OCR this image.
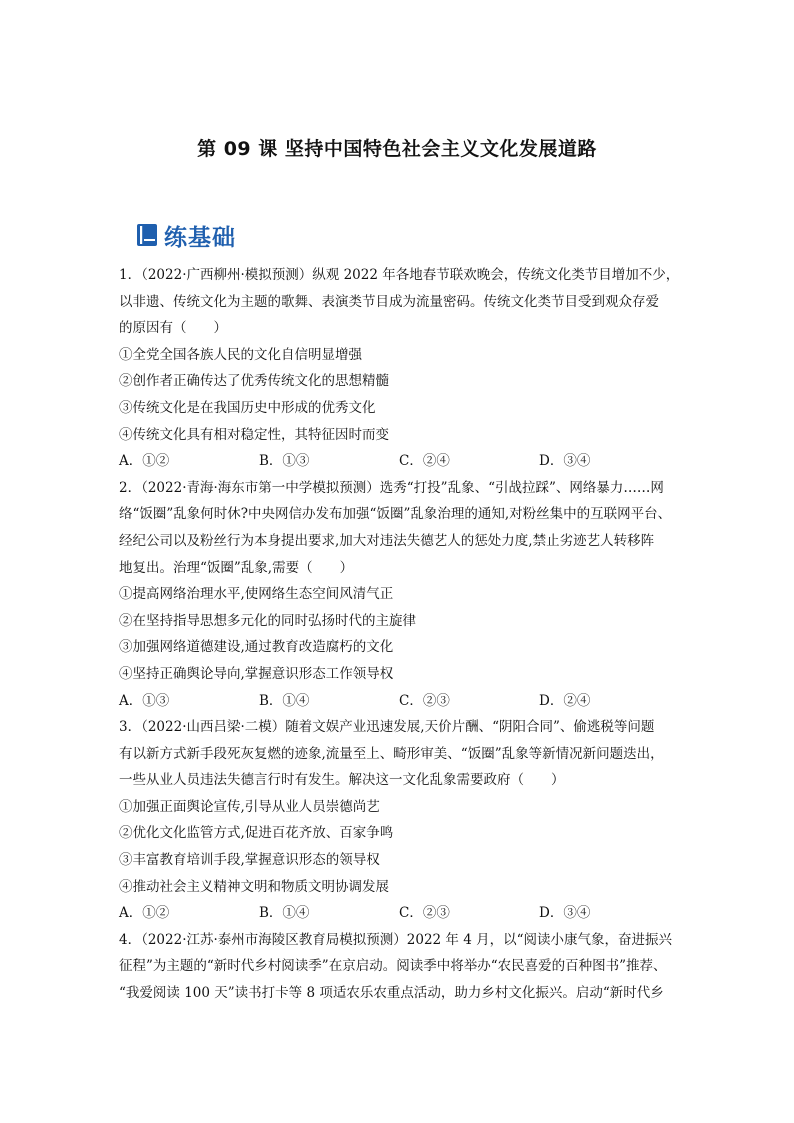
第 09 课 坚持中国特色社会主义文化发展道路
练基础
1．（2022·广西柳州·模拟预测）纵观 2022 年各地春节联欢晚会，传统文化类节目增加不少，
以非遗、传统文化为主题的歌舞、表演类节目成为流量密码。传统文化类节目受到观众存爱
的原因有（　　）
①全党全国各族人民的文化自信明显增强
②创作者正确传达了优秀传统文化的思想精髓
③传统文化是在我国历史中形成的优秀文化
④传统文化具有相对稳定性，其特征因时而变
A．①②	B．①③	C．②④	D．③④
2．（2022·青海·海东市第一中学模拟预测）选秀“打投”乱象、“引战拉踩”、网络暴力……网
络“饭圈”乱象何时休?中央网信办发布加强“饭圈”乱象治理的通知,对粉丝集中的互联网平台、
经纪公司以及粉丝行为本身提出要求,加大对违法失德艺人的惩处力度,禁止劣迹艺人转移阵
地复出。治理“饭圈”乱象,需要（　　）
①提高网络治理水平,使网络生态空间风清气正
②在坚持指导思想多元化的同时弘扬时代的主旋律
③加强网络道德建设,通过教育改造腐朽的文化
④坚持正确舆论导向,掌握意识形态工作领导权
A．①③	B．①④	C．②③	D．②④
3．（2022·山西吕梁·二模）随着文娱产业迅速发展,天价片酬、“阴阳合同”、偷逃税等问题
有以新方式新手段死灰复燃的迹象,流量至上、畸形审美、“饭圈”乱象等新情况新问题迭出，
一些从业人员违法失德言行时有发生。解决这一文化乱象需要政府（　　）
①加强正面舆论宣传,引导从业人员崇德尚艺
②优化文化监管方式,促进百花齐放、百家争鸣
③丰富教育培训手段,掌握意识形态的领导权
④推动社会主义精神文明和物质文明协调发展
A．①②	B．①④	C．②③	D．③④
4．（2022·江苏·泰州市海陵区教育局模拟预测）2022 年 4 月，以“阅读小康气象，奋进振兴
征程”为主题的“新时代乡村阅读季”在京启动。阅读季中将举办“农民喜爱的百种图书”推荐、
“我爱阅读 100 天”读书打卡等 8 项适农乐农重点活动，助力乡村文化振兴。启动“新时代乡
